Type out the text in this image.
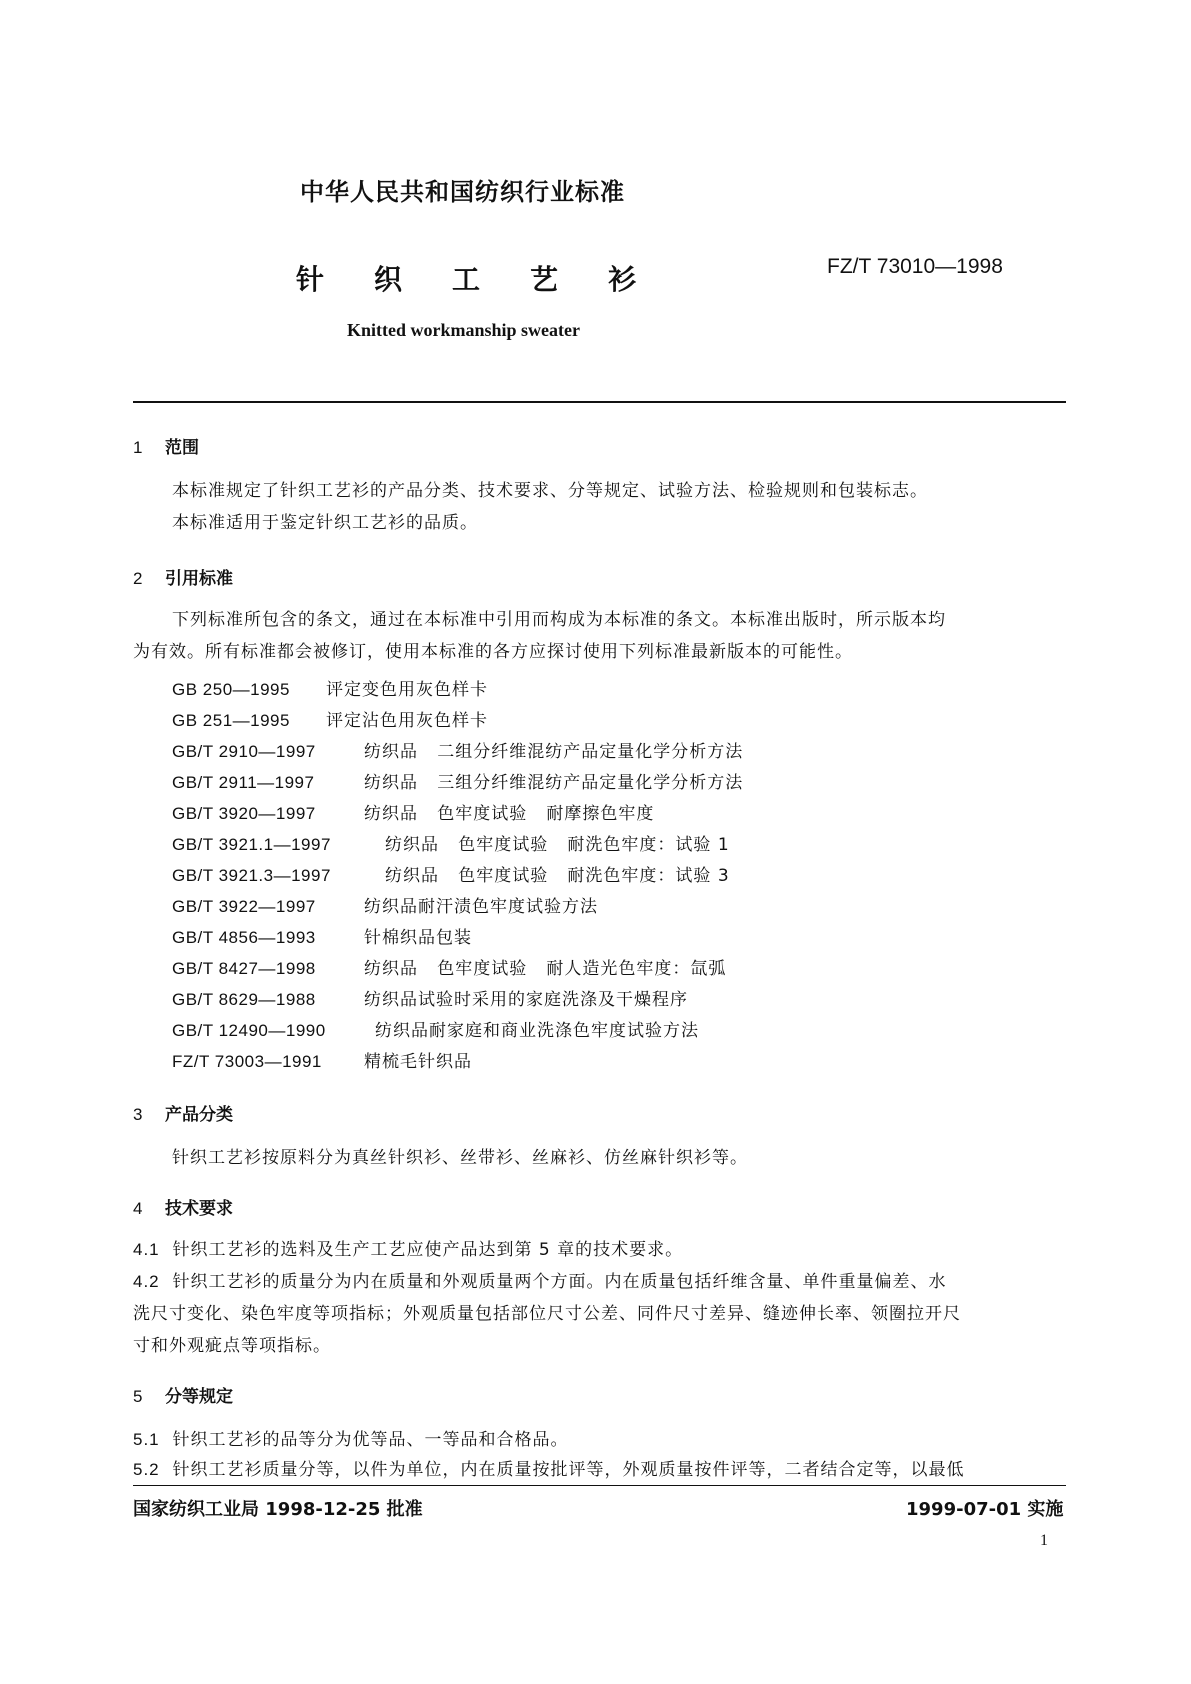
中华人民共和国纺织行业标准
针 织 工 艺 衫	FZ/T 73010—1998
Knitted workmanship sweater
1 范围
本标准规定了针织工艺衫的产品分类、技术要求、分等规定、试验方法、检验规则和包装标志。
本标准适用于鉴定针织工艺衫的品质。
2 引用标准
下列标准所包含的条文，通过在本标准中引用而构成为本标准的条文。本标准出版时，所示版本均
为有效。所有标准都会被修订，使用本标准的各方应探讨使用下列标准最新版本的可能性。
GB 250—1995 评定变色用灰色样卡
GB 251—1995 评定沾色用灰色样卡
GB/T 2910—1997	纺织品   二组分纤维混纺产品定量化学分析方法
GB/T 2911—1997	纺织品   三组分纤维混纺产品定量化学分析方法
GB/T 3920—1997	纺织品   色牢度试验   耐摩擦色牢度
GB/T 3921.1—1997	纺织品   色牢度试验   耐洗色牢度：试验 1
GB/T 3921.3—1997	纺织品   色牢度试验   耐洗色牢度：试验 3
GB/T 3922—1997	纺织品耐汗渍色牢度试验方法
GB/T 4856—1993	针棉织品包装
GB/T 8427—1998	纺织品   色牢度试验   耐人造光色牢度：氙弧
GB/T 8629—1988	纺织品试验时采用的家庭洗涤及干燥程序
GB/T 12490—1990	纺织品耐家庭和商业洗涤色牢度试验方法
FZ/T 73003—1991 精梳毛针织品
3 产品分类
针织工艺衫按原料分为真丝针织衫、丝带衫、丝麻衫、仿丝麻针织衫等。
4 技术要求
4.1 针织工艺衫的选料及生产工艺应使产品达到第 5 章的技术要求。
4.2 针织工艺衫的质量分为内在质量和外观质量两个方面。内在质量包括纤维含量、单件重量偏差、水
洗尺寸变化、染色牢度等项指标；外观质量包括部位尺寸公差、同件尺寸差异、缝迹伸长率、领圈拉开尺
寸和外观疵点等项指标。
5 分等规定
5.1 针织工艺衫的品等分为优等品、一等品和合格品。
5.2 针织工艺衫质量分等，以件为单位，内在质量按批评等，外观质量按件评等，二者结合定等，以最低
国家纺织工业局 1998-12-25 批准	1999-07-01 实施
1
